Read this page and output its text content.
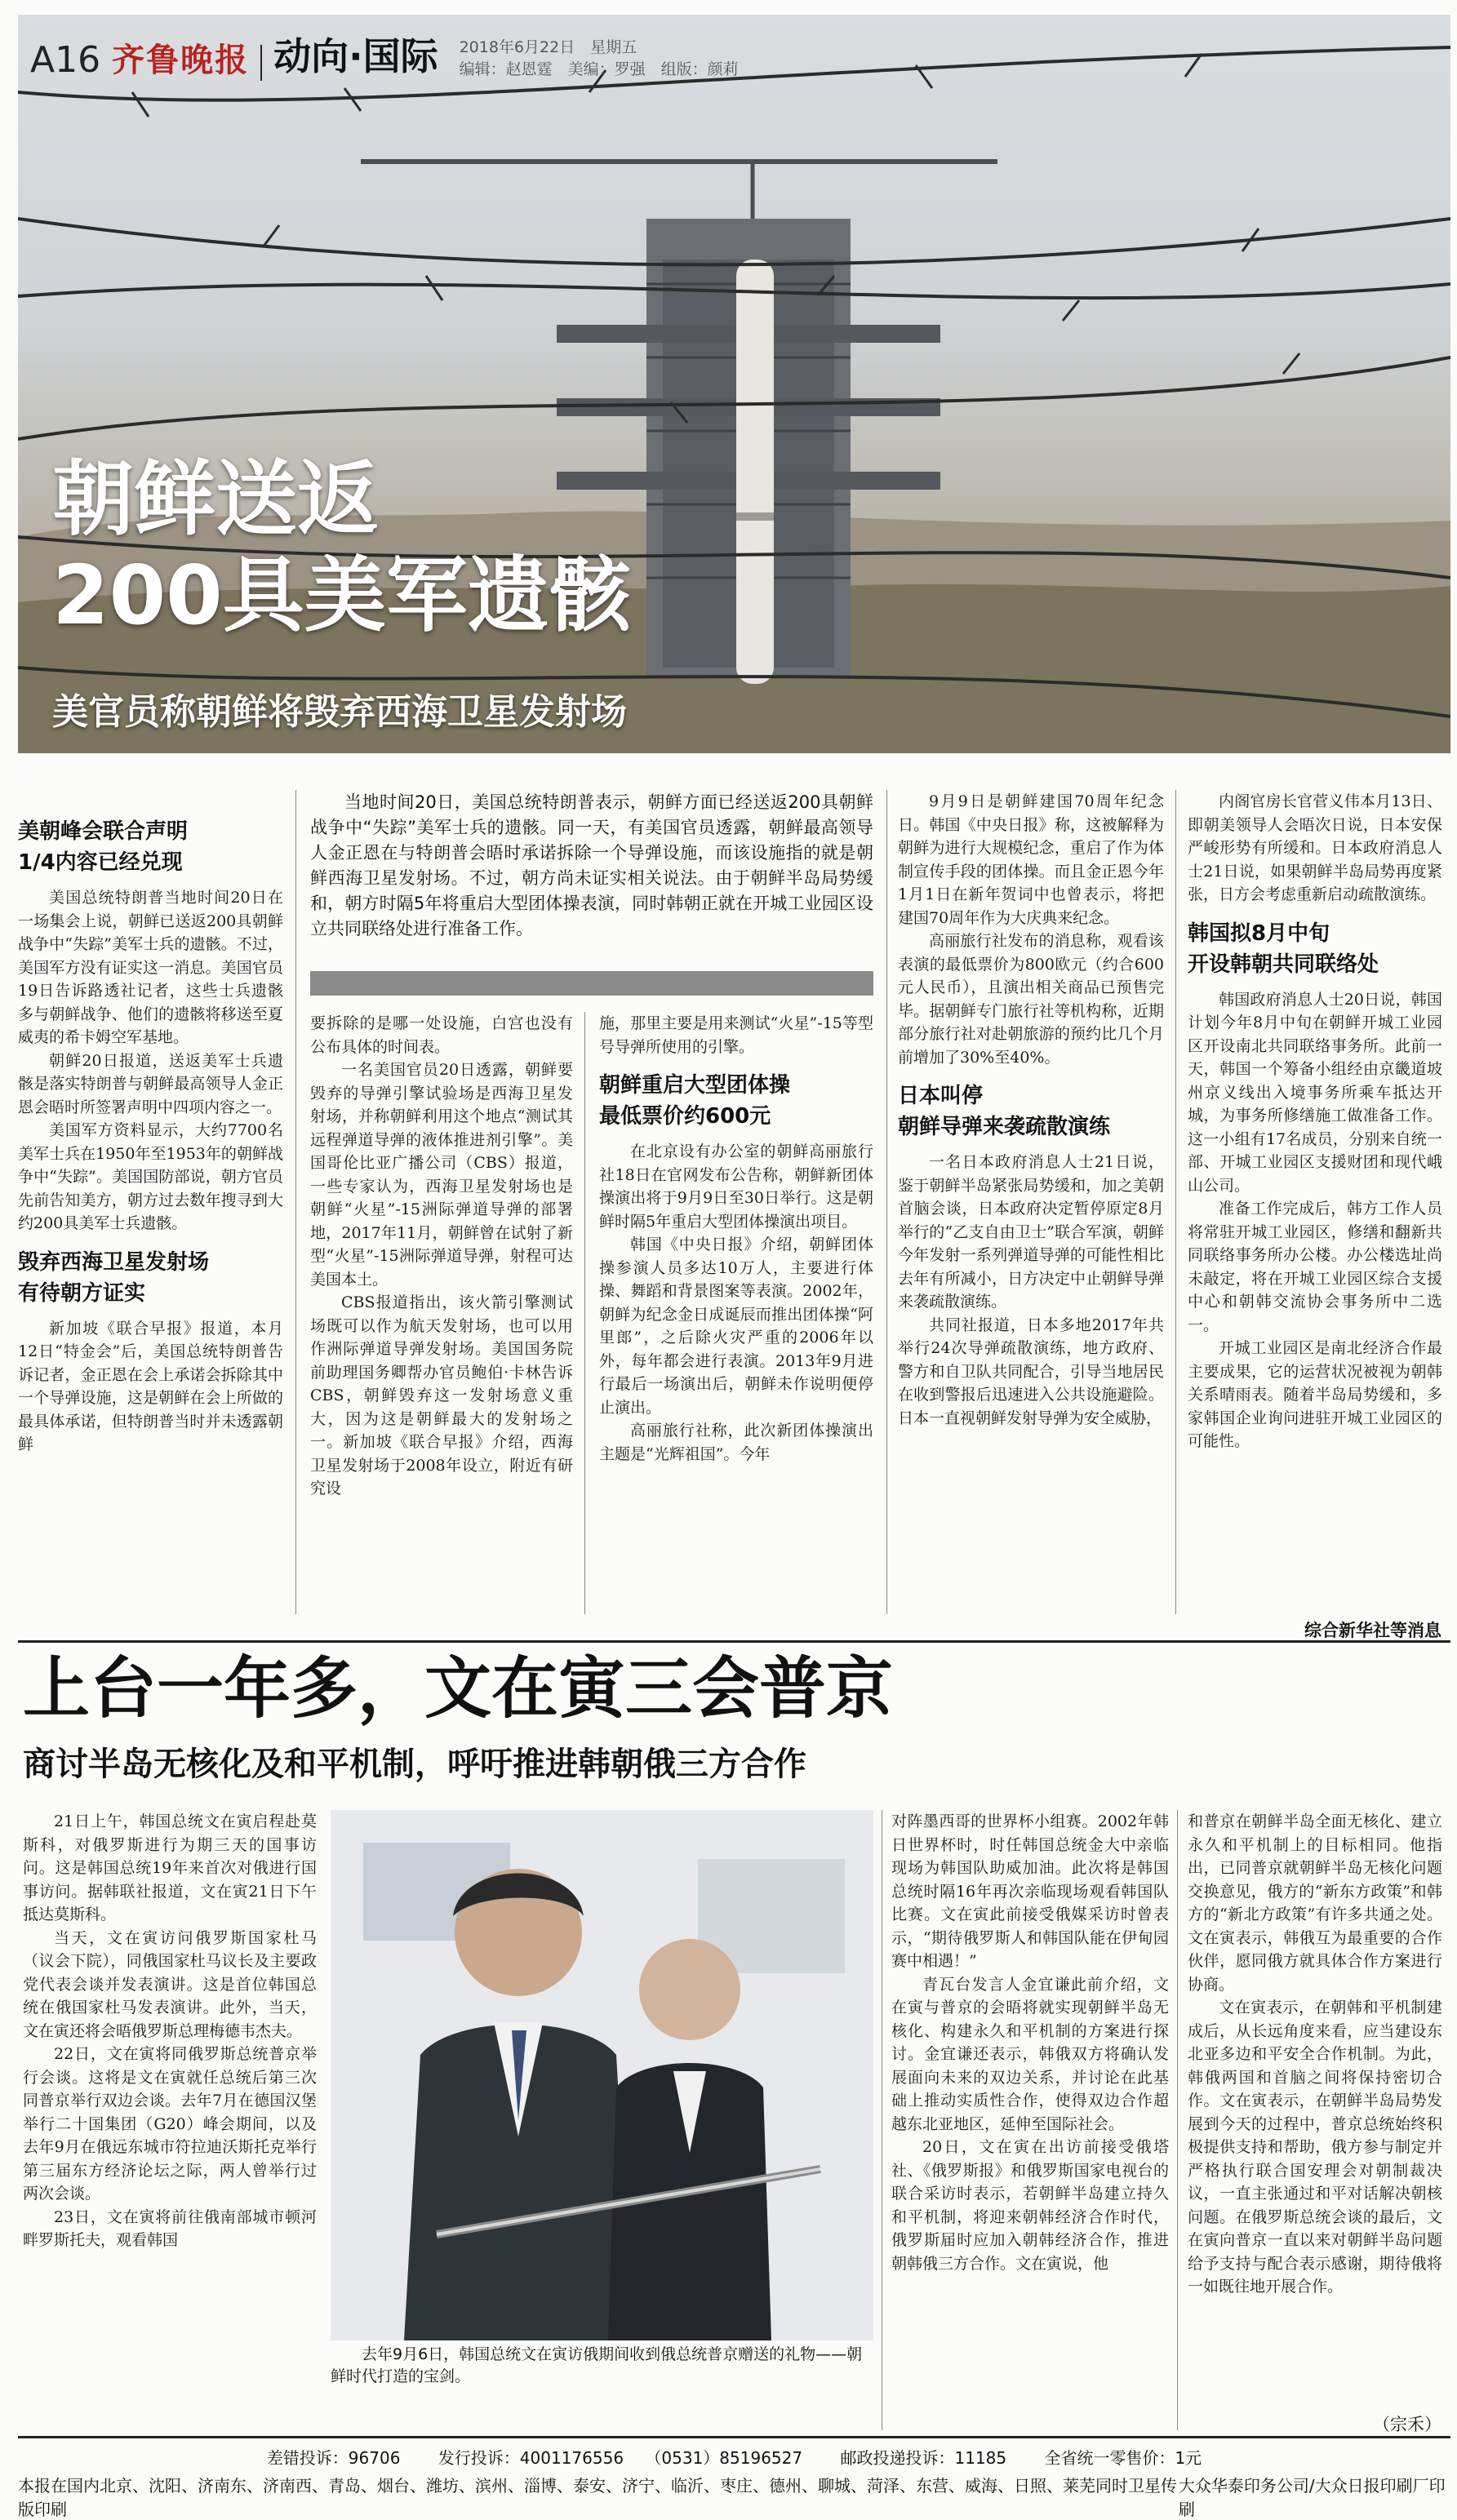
A16 齐鲁晚报 动向·国际 2018年6月22日　 星期五
编辑：赵恩霆　 美编：罗强　 组版：颜莉
朝鲜送返
200具美军遗骸
美官员称朝鲜将毁弃西海卫星发射场

当地时间20日，美国总统特朗普表示，朝鲜方面已经送返200具朝鲜战争中“失踪”美军士兵的遗骸。同一天，有美国官员透露，朝鲜最高领导人金正恩在与特朗普会晤时承诺拆除一个导弹设施，而该设施指的就是朝鲜西海卫星发射场。不过，朝方尚未证实相关说法。由于朝鲜半岛局势缓和，朝方时隔5年将重启大型团体操表演，同时韩朝正就在开城工业园区设立共同联络处进行准备工作。

美朝峰会联合声明
1/4内容已经兑现

美国总统特朗普当地时间20日在一场集会上说，朝鲜已送返200具朝鲜战争中“失踪”美军士兵的遗骸。不过，美国军方没有证实这一消息。美国官员19日告诉路透社记者，这些士兵遗骸多与朝鲜战争、他们的遗骸将移送至夏威夷的希卡姆空军基地。

朝鲜20日报道，送返美军士兵遗骸是落实特朗普与朝鲜最高领导人金正恩会晤时所签署声明中四项内容之一。

美国军方资料显示，大约7700名美军士兵在1950年至1953年的朝鲜战争中“失踪”。美国国防部说，朝方官员先前告知美方，朝方过去数年搜寻到大约200具美军士兵遗骸。

毁弃西海卫星发射场
有待朝方证实

新加坡《联合早报》报道，本月12日“特金会”后，美国总统特朗普告诉记者，金正恩在会上承诺会拆除其中一个导弹设施，这是朝鲜在会上所做的最具体承诺，但特朗普当时并未透露朝鲜

要拆除的是哪一处设施，白宫也没有公布具体的时间表。

一名美国官员20日透露，朝鲜要毁弃的导弹引擎试验场是西海卫星发射场，并称朝鲜利用这个地点“测试其远程弹道导弹的液体推进剂引擎”。美国哥伦比亚广播公司（CBS）报道，一些专家认为，西海卫星发射场也是朝鲜“火星”-15洲际弹道导弹的部署地，2017年11月，朝鲜曾在试射了新型“火星”-15洲际弹道导弹，射程可达美国本土。

CBS报道指出，该火箭引擎测试场既可以作为航天发射场，也可以用作洲际弹道导弹发射场。美国国务院前助理国务卿帮办官员鲍伯·卡林告诉CBS，朝鲜毁弃这一发射场意义重大，因为这是朝鲜最大的发射场之一。新加坡《联合早报》介绍，西海卫星发射场于2008年设立，附近有研究设

施，那里主要是用来测试“火星”-15等型号导弹所使用的引擎。

朝鲜重启大型团体操
最低票价约600元

在北京设有办公室的朝鲜高丽旅行社18日在官网发布公告称，朝鲜新团体操演出将于9月9日至30日举行。这是朝鲜时隔5年重启大型团体操演出项目。

韩国《中央日报》介绍，朝鲜团体操参演人员多达10万人，主要进行体操、舞蹈和背景图案等表演。2002年，朝鲜为纪念金日成诞辰而推出团体操“阿里郎”，之后除火灾严重的2006年以外，每年都会进行表演。2013年9月进行最后一场演出后，朝鲜未作说明便停止演出。

高丽旅行社称，此次新团体操演出主题是“光辉祖国”。今年

9月9日是朝鲜建国70周年纪念日。韩国《中央日报》称，这被解释为朝鲜为进行大规模纪念，重启了作为体制宣传手段的团体操。而且金正恩今年1月1日在新年贺词中也曾表示，将把建国70周年作为大庆典来纪念。

高丽旅行社发布的消息称，观看该表演的最低票价为800欧元（约合600元人民币），且演出相关商品已预售完毕。据朝鲜专门旅行社等机构称，近期部分旅行社对赴朝旅游的预约比几个月前增加了30%至40%。

日本叫停
朝鲜导弹来袭疏散演练

一名日本政府消息人士21日说，鉴于朝鲜半岛紧张局势缓和，加之美朝首脑会谈，日本政府决定暂停原定8月举行的“乙支自由卫士”联合军演，朝鲜今年发射一系列弹道导弹的可能性相比去年有所减小，日方决定中止朝鲜导弹来袭疏散演练。

共同社报道，日本多地2017年共举行24次导弹疏散演练，地方政府、警方和自卫队共同配合，引导当地居民在收到警报后迅速进入公共设施避险。日本一直视朝鲜发射导弹为安全威胁，

内阁官房长官菅义伟本月13日、即朝美领导人会晤次日说，日本安保严峻形势有所缓和。日本政府消息人士21日说，如果朝鲜半岛局势再度紧张，日方会考虑重新启动疏散演练。

韩国拟8月中旬
开设韩朝共同联络处

韩国政府消息人士20日说，韩国计划今年8月中旬在朝鲜开城工业园区开设南北共同联络事务所。此前一天，韩国一个筹备小组经由京畿道坡州京义线出入境事务所乘车抵达开城，为事务所修缮施工做准备工作。这一小组有17名成员，分别来自统一部、开城工业园区支援财团和现代峨山公司。

准备工作完成后，韩方工作人员将常驻开城工业园区，修缮和翻新共同联络事务所办公楼。办公楼选址尚未敲定，将在开城工业园区综合支援中心和朝韩交流协会事务所中二选一。

开城工业园区是南北经济合作最主要成果，它的运营状况被视为朝韩关系晴雨表。随着半岛局势缓和，多家韩国企业询问进驻开城工业园区的可能性。

综合新华社等消息
上台一年多，文在寅三会普京
商讨半岛无核化及和平机制，呼吁推进韩朝俄三方合作

21日上午，韩国总统文在寅启程赴莫斯科，对俄罗斯进行为期三天的国事访问。这是韩国总统19年来首次对俄进行国事访问。据韩联社报道，文在寅21日下午抵达莫斯科。

当天，文在寅访问俄罗斯国家杜马（议会下院），同俄国家杜马议长及主要政党代表会谈并发表演讲。这是首位韩国总统在俄国家杜马发表演讲。此外，当天，文在寅还将会晤俄罗斯总理梅德韦杰夫。

22日，文在寅将同俄罗斯总统普京举行会谈。这将是文在寅就任总统后第三次同普京举行双边会谈。去年7月在德国汉堡举行二十国集团（G20）峰会期间，以及去年9月在俄远东城市符拉迪沃斯托克举行第三届东方经济论坛之际，两人曾举行过两次会谈。

23日，文在寅将前往俄南部城市顿河畔罗斯托夫，观看韩国

去年9月6日，韩国总统文在寅访俄期间收到俄总统普京赠送的礼物——朝鲜时代打造的宝剑。

对阵墨西哥的世界杯小组赛。2002年韩日世界杯时，时任韩国总统金大中亲临现场为韩国队助威加油。此次将是韩国总统时隔16年再次亲临现场观看韩国队比赛。文在寅此前接受俄媒采访时曾表示，“期待俄罗斯人和韩国队能在伊甸园赛中相遇！”

青瓦台发言人金宜谦此前介绍，文在寅与普京的会晤将就实现朝鲜半岛无核化、构建永久和平机制的方案进行探讨。金宜谦还表示，韩俄双方将确认发展面向未来的双边关系，并讨论在此基础上推动实质性合作，使得双边合作超越东北亚地区，延伸至国际社会。

20日，文在寅在出访前接受俄塔社、《俄罗斯报》和俄罗斯国家电视台的联合采访时表示，若朝鲜半岛建立持久和平机制，将迎来朝韩经济合作时代，俄罗斯届时应加入朝韩经济合作，推进朝韩俄三方合作。文在寅说，他

和普京在朝鲜半岛全面无核化、建立永久和平机制上的目标相同。他指出，已同普京就朝鲜半岛无核化问题交换意见，俄方的“新东方政策”和韩方的“新北方政策”有许多共通之处。文在寅表示，韩俄互为最重要的合作伙伴，愿同俄方就具体合作方案进行协商。

文在寅表示，在朝韩和平机制建成后，从长远角度来看，应当建设东北亚多边和平安全合作机制。为此，韩俄两国和首脑之间将保持密切合作。文在寅表示，在朝鲜半岛局势发展到今天的过程中，普京总统始终积极提供支持和帮助，俄方参与制定并严格执行联合国安理会对朝制裁决议，一直主张通过和平对话解决朝核问题。在俄罗斯总统会谈的最后，文在寅向普京一直以来对朝鲜半岛问题给予支持与配合表示感谢，期待俄将一如既往地开展合作。

（宗禾）
差错投诉：96706　　 发行投诉：4001176556　 （0531）85196527　　 邮政投递投诉：11185　　 全省统一零售价：1元
本报在国内北京、沈阳、济南东、济南西、青岛、烟台、潍坊、滨州、淄博、泰安、济宁、临沂、枣庄、德州、聊城、菏泽、东营、威海、日照、莱芜同时卫星传版印刷
大众华泰印务公司/大众日报印刷厂印刷
